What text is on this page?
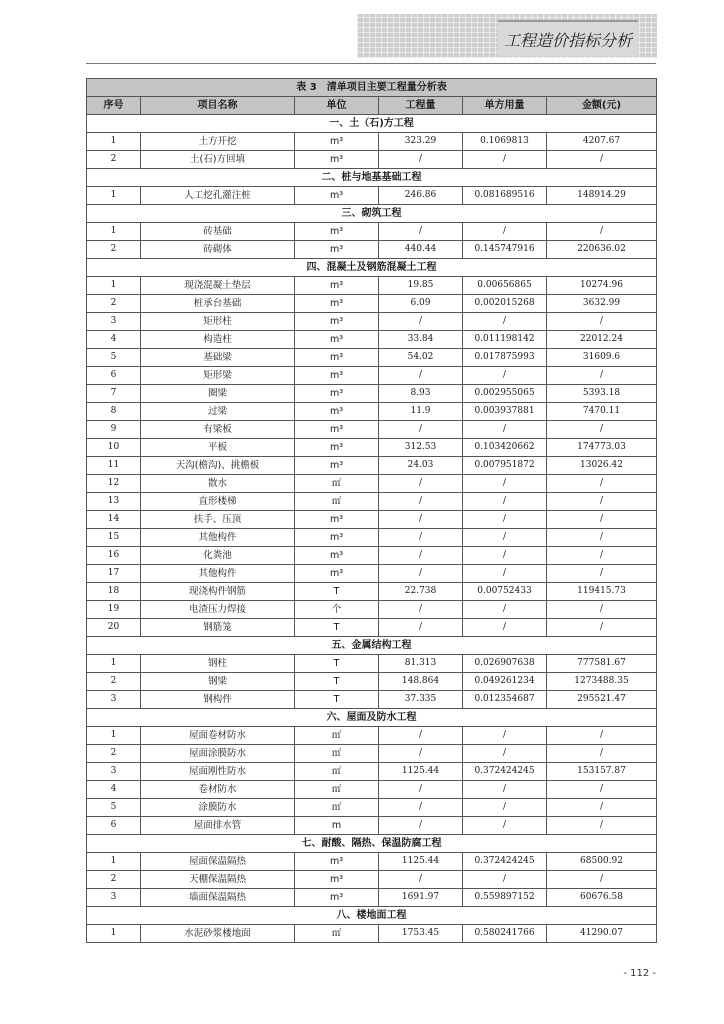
工程造价指标分析
表 3　清单项目主要工程量分析表					
序号	项目名称	单位	工程量	单方用量	金额(元)
一、土（石)方工程					
1	土方开挖	m³	323.29	0.1069813	4207.67
2	土(石)方回填	m³	/	/	/
二、桩与地基基础工程					
1	人工挖孔灌注桩	m³	246.86	0.081689516	148914.29
三、砌筑工程					
1	砖基础	m³	/	/	/
2	砖砌体	m³	440.44	0.145747916	220636.02
四、混凝土及钢筋混凝土工程					
1	现浇混凝土垫层	m³	19.85	0.00656865	10274.96
2	桩承台基础	m³	6.09	0.002015268	3632.99
3	矩形柱	m³	/	/	/
4	构造柱	m³	33.84	0.011198142	22012.24
5	基础梁	m³	54.02	0.017875993	31609.6
6	矩形梁	m³	/	/	/
7	圈梁	m³	8.93	0.002955065	5393.18
8	过梁	m³	11.9	0.003937881	7470.11
9	有梁板	m³	/	/	/
10	平板	m³	312.53	0.103420662	174773.03
11	天沟(檐沟)、挑檐板	m³	24.03	0.007951872	13026.42
12	散水	㎡	/	/	/
13	直形楼梯	㎡	/	/	/
14	扶手、压顶	m³	/	/	/
15	其他构件	m³	/	/	/
16	化粪池	m³	/	/	/
17	其他构件	m³	/	/	/
18	现浇构件钢筋	T	22.738	0.00752433	119415.73
19	电渣压力焊接	个	/	/	/
20	钢筋笼	T	/	/	/
五、金属结构工程					
1	钢柱	T	81.313	0.026907638	777581.67
2	钢梁	T	148.864	0.049261234	1273488.35
3	钢构件	T	37.335	0.012354687	295521.47
六、屋面及防水工程					
1	屋面卷材防水	㎡	/	/	/
2	屋面涂膜防水	㎡	/	/	/
3	屋面刚性防水	㎡	1125.44	0.372424245	153157.87
4	卷材防水	㎡	/	/	/
5	涂膜防水	㎡	/	/	/
6	屋面排水管	m	/	/	/
七、耐酸、隔热、保温防腐工程					
1	屋面保温隔热	m³	1125.44	0.372424245	68500.92
2	天棚保温隔热	m³	/	/	/
3	墙面保温隔热	m³	1691.97	0.559897152	60676.58
八、楼地面工程					
1	水泥砂浆楼地面	㎡	1753.45	0.580241766	41290.07
- 112 -
